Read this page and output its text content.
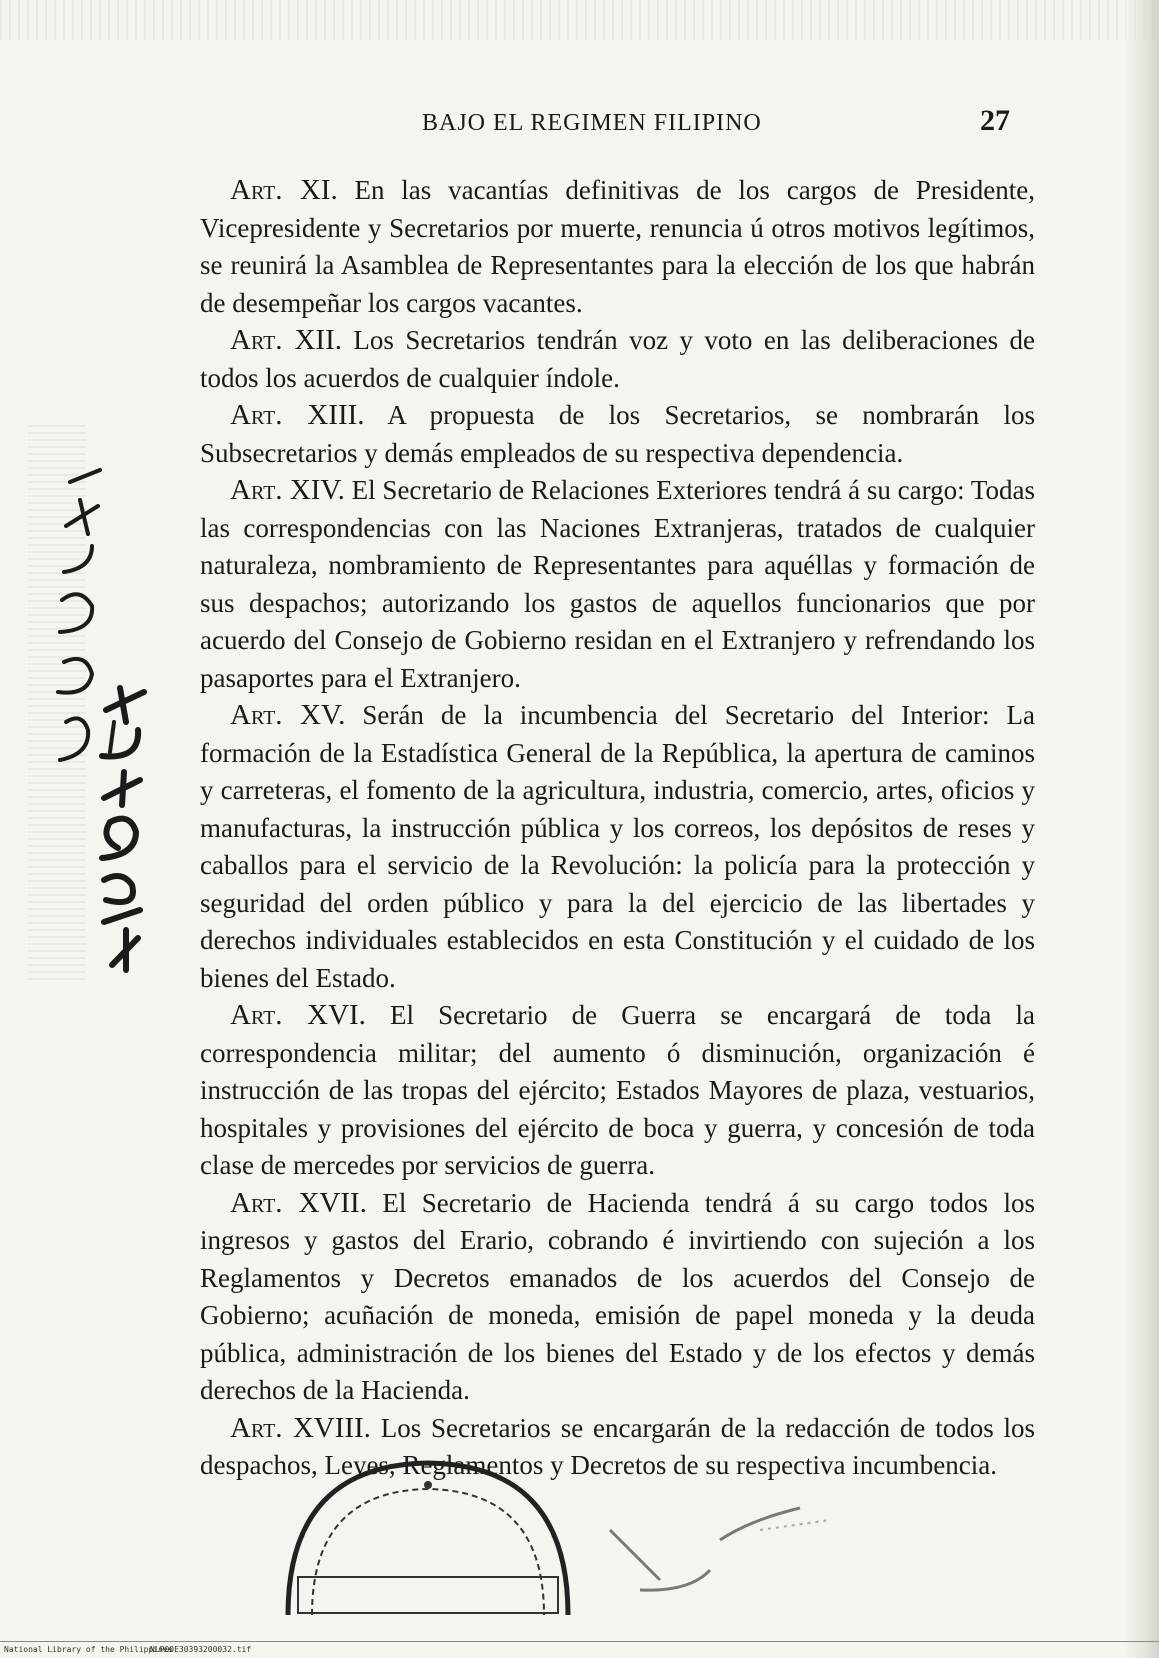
BAJO EL REGIMEN FILIPINO	27

Art. XI. En las vacantías definitivas de los cargos de Presidente, Vicepresidente y Secretarios por muerte, renuncia ú otros motivos legítimos, se reunirá la Asamblea de Representantes para la elección de los que habrán de desempeñar los cargos vacantes.

Art. XII. Los Secretarios tendrán voz y voto en las deliberaciones de todos los acuerdos de cualquier índole.

Art. XIII. A propuesta de los Secretarios, se nombrarán los Subsecretarios y demás empleados de su respectiva dependencia.

Art. XIV. El Secretario de Relaciones Exteriores tendrá á su cargo: Todas las correspondencias con las Naciones Extranjeras, tratados de cualquier naturaleza, nombramiento de Representantes para aquéllas y formación de sus despachos; autorizando los gastos de aquellos funcionarios que por acuerdo del Consejo de Gobierno residan en el Extranjero y refrendando los pasaportes para el Extranjero.

Art. XV. Serán de la incumbencia del Secretario del Interior: La formación de la Estadística General de la República, la apertura de caminos y carreteras, el fomento de la agricultura, industria, comercio, artes, oficios y manufacturas, la instrucción pública y los correos, los depósitos de reses y caballos para el servicio de la Revolución: la policía para la protección y seguridad del orden público y para la del ejercicio de las libertades y derechos individuales establecidos en esta Constitución y el cuidado de los bienes del Estado.

Art. XVI. El Secretario de Guerra se encargará de toda la correspondencia militar; del aumento ó disminución, organización é instrucción de las tropas del ejército; Estados Mayores de plaza, vestuarios, hospitales y provisiones del ejército de boca y guerra, y concesión de toda clase de mercedes por servicios de guerra.

Art. XVII. El Secretario de Hacienda tendrá á su cargo todos los ingresos y gastos del Erario, cobrando é invirtiendo con sujeción a los Reglamentos y Decretos emanados de los acuerdos del Consejo de Gobierno; acuñación de moneda, emisión de papel moneda y la deuda pública, administración de los bienes del Estado y de los efectos y demás derechos de la Hacienda.

Art. XVIII. Los Secretarios se encargarán de la redacción de todos los despachos, Leyes, Reglamentos y Decretos de su respectiva incumbencia.

National Library of the Philippines
NLP00E30393200032.tif
